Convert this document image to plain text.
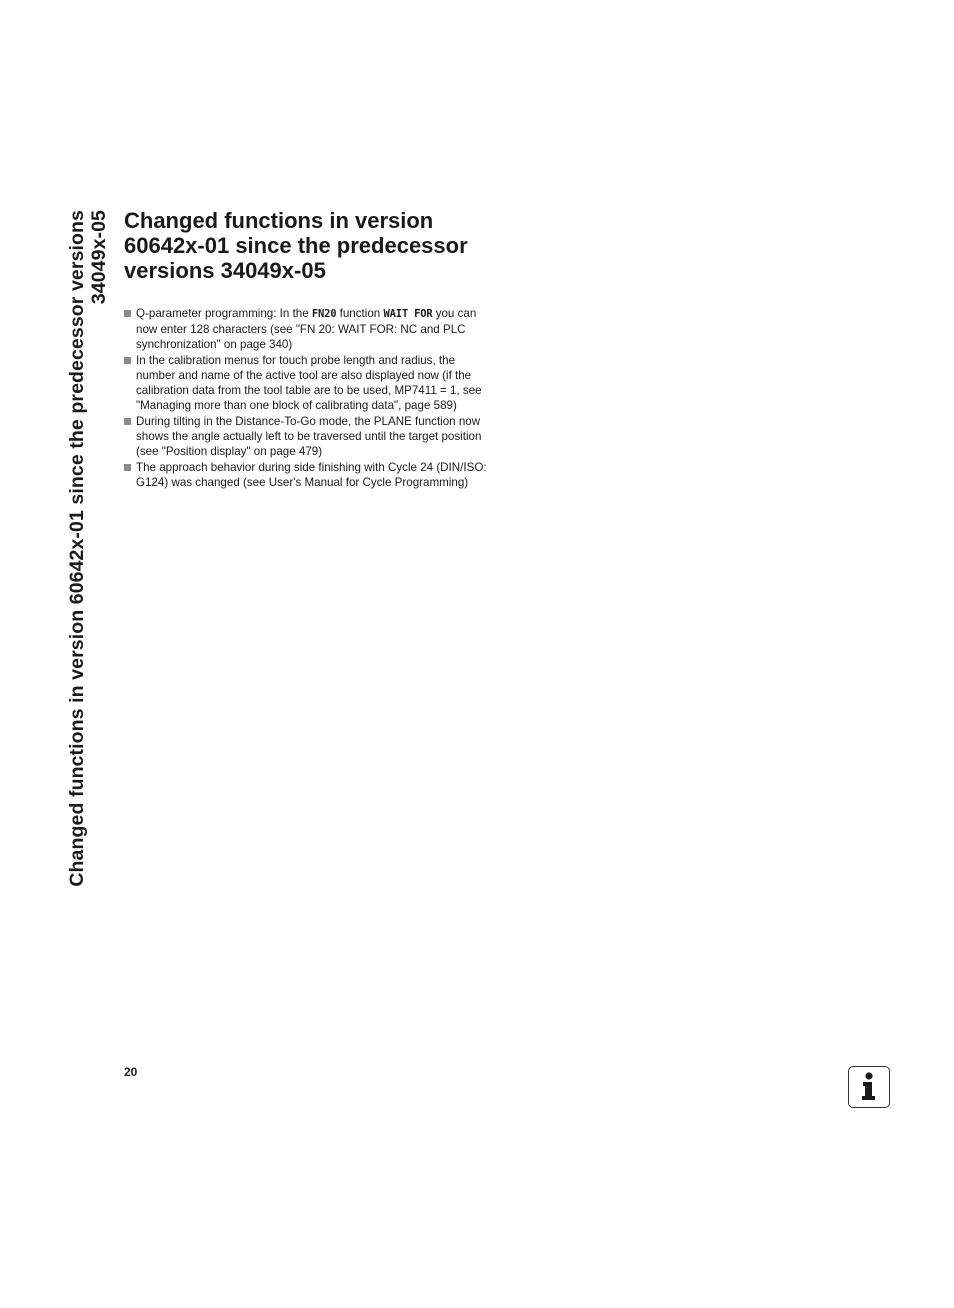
Changed functions in version 60642x-01 since the predecessor versions 34049x-05 Changed functions in version
60642x-01 since the predecessor
versions 34049x-05
Q-parameter programming: In the FN20 function WAIT FOR you can
now enter 128 characters (see "FN 20: WAIT FOR: NC and PLC
synchronization" on page 340)
In the calibration menus for touch probe length and radius, the
number and name of the active tool are also displayed now (if the
calibration data from the tool table are to be used, MP7411 = 1, see
"Managing more than one block of calibrating data", page 589)
During tilting in the Distance-To-Go mode, the PLANE function now
shows the angle actually left to be traversed until the target position
(see "Position display" on page 479)
The approach behavior during side finishing with Cycle 24 (DIN/ISO:
G124) was changed (see User's Manual for Cycle Programming)
20
